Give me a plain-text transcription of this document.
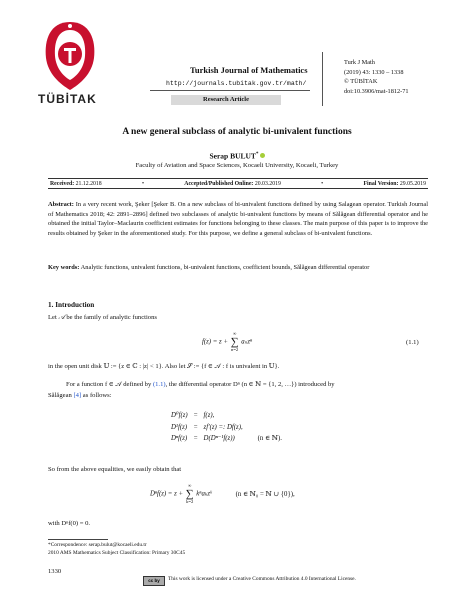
TÜBİTAK
Turkish Journal of Mathematics
http://journals.tubitak.gov.tr/math/
Research Article
Turk J Math
(2019) 43: 1330 – 1338
© TÜBİTAK
doi:10.3906/mat-1812-71
A new general subclass of analytic bi-univalent functions
Serap BULUT*
Faculty of Aviation and Space Sciences, Kocaeli University, Kocaeli, Turkey
Received: 21.12.2018	•	Accepted/Published Online: 20.03.2019	•	Final Version: 29.05.2019
Abstract: In a very recent work, Şeker [Şeker B. On a new subclass of bi-univalent functions defined by using Salagean operator. Turkish Journal of Mathematics 2018; 42: 2891–2896] defined two subclasses of analytic bi-univalent functions by means of Sălăgean differential operator and he obtained the initial Taylor–Maclaurin coefficient estimates for functions belonging to these classes. The main purpose of this paper is to improve the results obtained by Şeker in the aforementioned study. For this purpose, we define a general subclass of bi-univalent functions.
Key words: Analytic functions, univalent functions, bi-univalent functions, coefficient bounds, Sălăgean differential operator
1. Introduction
Let 𝒜 be the family of analytic functions
f(z) = z +
∞
∑
n=2
aₙzⁿ	(1.1)
in the open unit disk 𝕌 := {z ∈ ℂ : |z| < 1}. Also let 𝒮 := {f ∈ 𝒜 : f is univalent in 𝕌}.
For a function f ∈ 𝒜 defined by (1.1), the differential operator Dⁿ (n ∈ ℕ = {1, 2, …}) introduced by
Sălăgean [4] as follows:
D⁰f(z)	=	f(z),	
D¹f(z)	=	zf′(z) =: Df(z),	
Dⁿf(z)	=	D(Dⁿ⁻¹f(z))	(n ∈ ℕ).
So from the above equalities, we easily obtain that
Dⁿf(z) = z +
∞
∑
k=2
kⁿaₖzᵏ	(n ∈ ℕ₀ = ℕ ∪ {0}),
with Dⁿf(0) = 0.
*Correspondence: serap.bulut@kocaeli.edu.tr
2010 AMS Mathematics Subject Classification: Primary 30C45
1330
cc by	This work is licensed under a Creative Commons Attribution 4.0 International License.
